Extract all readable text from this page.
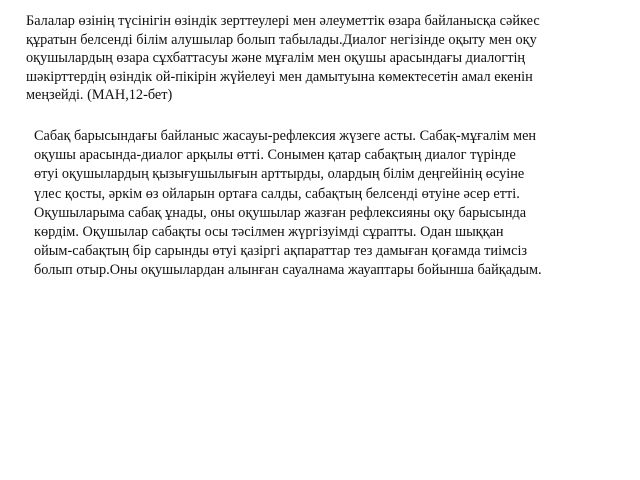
Балалар өзінің түсінігін өзіндік зерттеулері мен әлеуметтік өзара байланысқа сәйкес
құратын белсенді білім алушылар болып табылады.Диалог негізінде оқыту мен оқу
оқушылардың өзара сұхбаттасуы және мұғалім мен оқушы арасындағы диалогтің
шәкірттердің өзіндік ой-пікірін жүйелеуі мен дамытуына көмектесетін амал екенін
меңзейді. (МАН,12-бет)
Сабақ барысындағы байланыс жасауы-рефлексия жүзеге асты. Сабақ-мұғалім мен
оқушы арасында-диалог арқылы өтті. Сонымен қатар сабақтың диалог түрінде
өтуі оқушылардың қызығушылығын арттырды, олардың білім деңгейінің өсуіне
үлес қосты, әркім өз ойларын ортаға салды, сабақтың белсенді өтуіне әсер етті.
Оқушыларыма сабақ ұнады, оны оқушылар жазған рефлексияны оқу барысында
көрдім. Оқушылар сабақты осы тәсілмен жүргізуімді сұрапты. Одан шыққан
ойым-сабақтың бір сарынды өтуі қазіргі ақпараттар тез дамыған қоғамда тиімсіз
болып отыр.Оны оқушылардан алынған сауалнама жауаптары бойынша байқадым.
